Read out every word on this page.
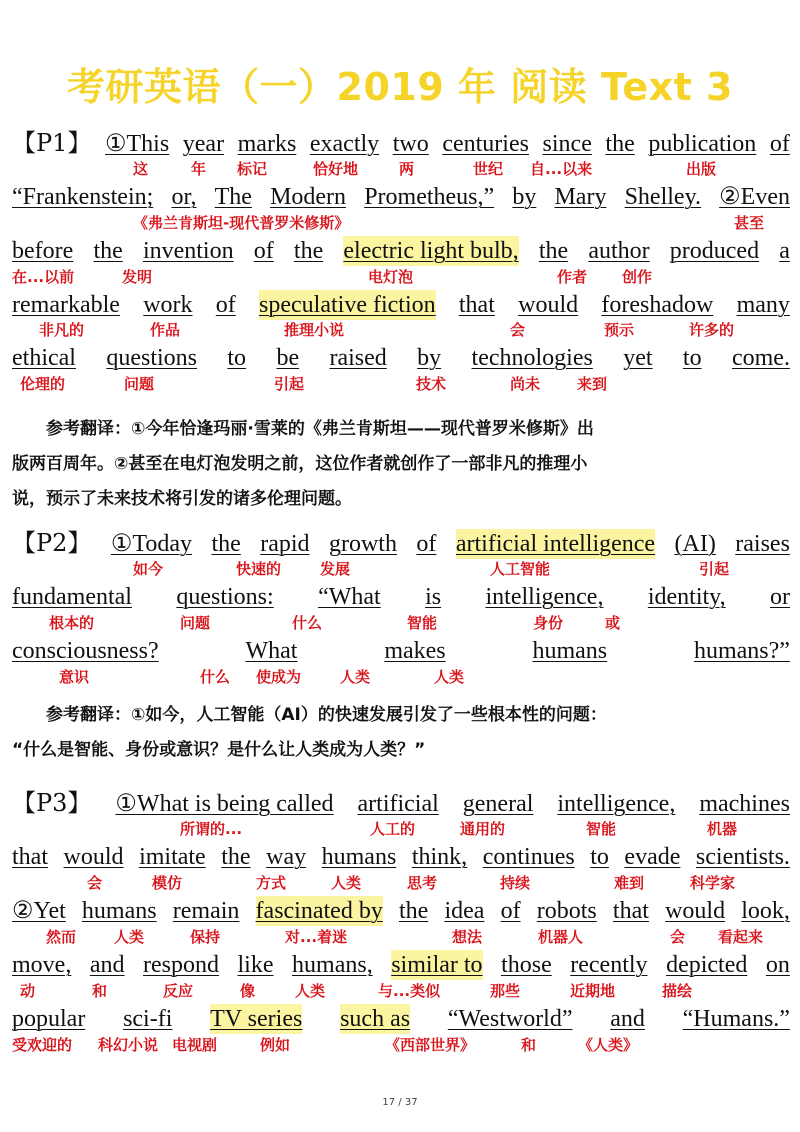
考研英语（一）2019 年 阅读 Text 3
【P1】 ①This year marks exactly two centuries since the publication of
这	年 标记	恰好地	两	世纪 自...以来	出版
“Frankenstein; or, The Modern Prometheus,” by Mary Shelley. ②Even
《弗兰肯斯坦-现代普罗米修斯》	甚至
before the invention of the electric light bulb, the author produced a
在...以前	发明	电灯泡	作者 创作
remarkable work of speculative fiction that would foreshadow many
非凡的	作品	推理小说	会	预示	许多的
ethical questions to be raised by technologies yet to come.
伦理的	问题	引起	技术	尚未 来到
参考翻译：①今年恰逢玛丽·雪莱的《弗兰肯斯坦——现代普罗米修斯》出
版两百周年。②甚至在电灯泡发明之前，这位作者就创作了一部非凡的推理小
说，预示了未来技术将引发的诸多伦理问题。
【P2】 ①Today the rapid growth of artificial intelligence (AI) raises
如今	快速的	发展	人工智能	引起
fundamental questions: “What is intelligence, identity, or
根本的	问题	什么	智能	身份	或
consciousness?	What	makes	humans	humans?”
意识	什么 使成为	人类	人类
参考翻译：①如今，人工智能（AI）的快速发展引发了一些根本性的问题：
“什么是智能、身份或意识？是什么让人类成为人类？”
【P3】 ①What is being called artificial general intelligence, machines
所谓的...	人工的	通用的	智能	机器
that would imitate the way humans think, continues to evade scientists.
会	模仿	方式	人类	思考	持续	难到	科学家
②Yet humans remain fascinated by the idea of robots that would look,
然而	人类	保持	对...着迷	想法	机器人	会 看起来
move, and respond like humans, similar to those recently depicted on
动	和	反应	像	人类	与...类似	那些	近期地	描绘
popular sci-fi TV series such as “Westworld” and “Humans.”
受欢迎的 科幻小说 电视剧	例如	《西部世界》	和	《人类》
17 / 37
